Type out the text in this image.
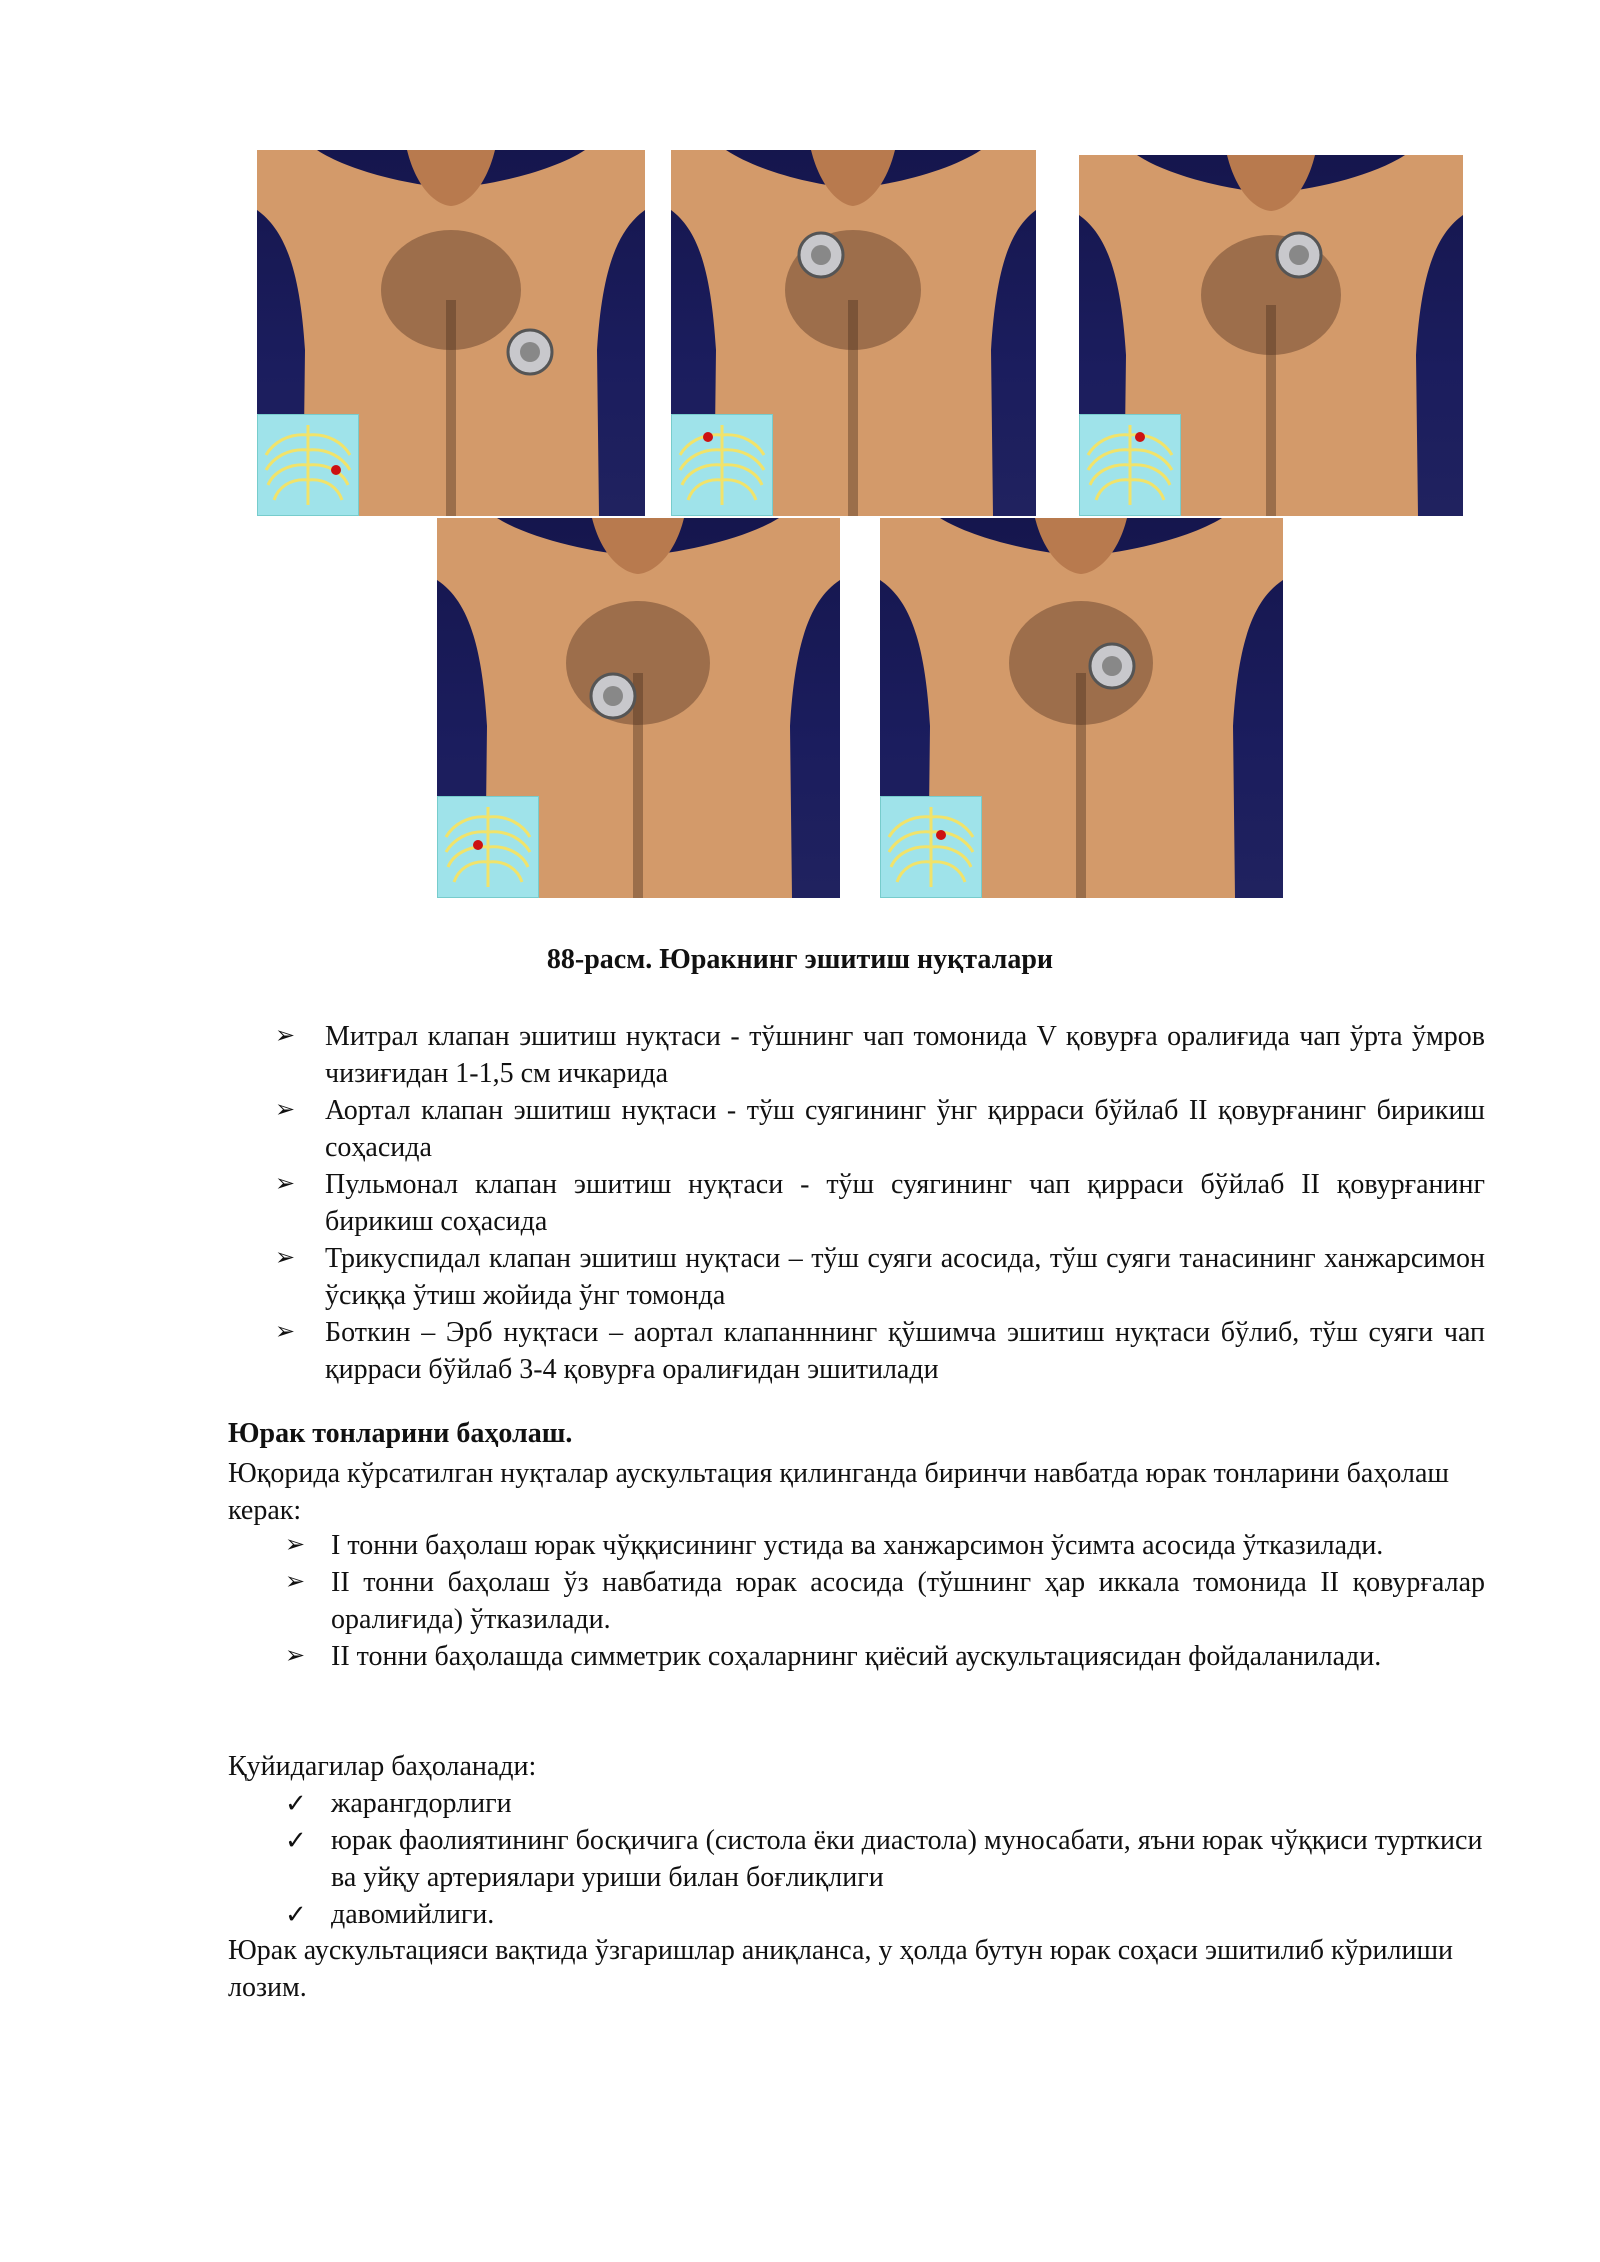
88-расм. Юракнинг эшитиш нуқталари
➢ Митрал клапан эшитиш нуқтаси - тўшнинг чап томонида V қовурға оралиғида чап ўрта ўмров чизиғидан 1-1,5 см ичкарида
➢ Аортал клапан эшитиш нуқтаси - тўш суягининг ўнг қирраси бўйлаб II қовурғанинг бирикиш соҳасида
➢ Пульмонал клапан эшитиш нуқтаси - тўш суягининг чап қирраси бўйлаб II қовурғанинг бирикиш соҳасида
➢ Трикуспидал клапан эшитиш нуқтаси – тўш суяги асосида, тўш суяги танасининг ханжарсимон ўсиққа ўтиш жойида ўнг томонда
➢ Боткин – Эрб нуқтаси – аортал клапанннинг қўшимча эшитиш нуқтаси бўлиб, тўш суяги чап қирраси бўйлаб 3-4 қовурға оралиғидан эшитилади
Юрак тонларини баҳолаш.
Юқорида кўрсатилган нуқталар аускультация қилинганда биринчи навбатда юрак тонларини баҳолаш керак:
➢ I тонни баҳолаш юрак чўққисининг устида ва ханжарсимон ўсимта асосида ўтказилади.
➢ II тонни баҳолаш ўз навбатида юрак асосида (тўшнинг ҳар иккала томонида II қовурғалар оралиғида) ўтказилади.
➢ II тонни баҳолашда симметрик соҳаларнинг қиёсий аускультациясидан фойдаланилади.
Қуйидагилар баҳоланади:
✓ жарангдорлиги
✓ юрак фаолиятининг босқичига (систола ёки диастола) муносабати, яъни юрак чўққиси турткиси ва уйқу артериялари уриши билан боғлиқлиги
✓ давомийлиги.
Юрак аускультацияси вақтида ўзгаришлар аниқланса, у ҳолда бутун юрак соҳаси эшитилиб кўрилиши лозим.
